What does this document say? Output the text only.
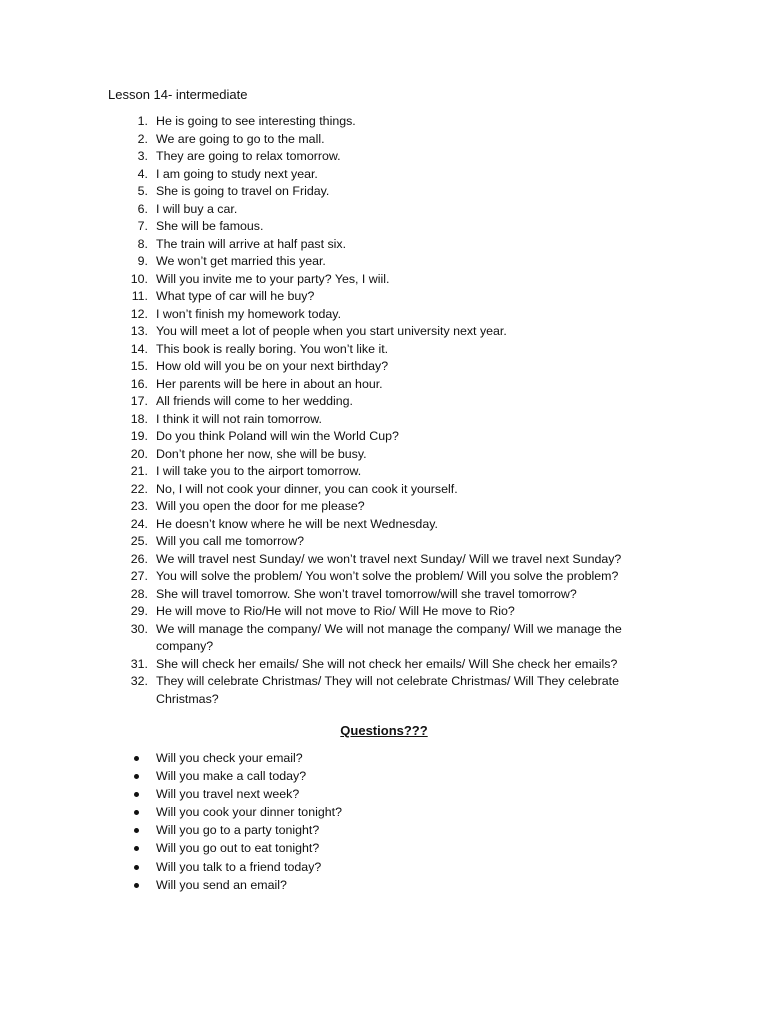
Lesson 14- intermediate
1. He is going to see interesting things.
2. We are going to go to the mall.
3. They are going to relax tomorrow.
4. I am going to study next year.
5. She is going to travel on Friday.
6. I will buy a car.
7. She will be famous.
8. The train will arrive at half past six.
9. We won’t get married this year.
10. Will you invite me to your party? Yes, I wiil.
11. What type of car will he buy?
12. I won’t finish my homework today.
13. You will meet a lot of people when you start university next year.
14. This book is really boring. You won’t like it.
15. How old will you be on your next birthday?
16. Her parents will be here in about an hour.
17. All friends will come to her wedding.
18. I think it will not rain tomorrow.
19. Do you think Poland will win the World Cup?
20. Don’t phone her now, she will be busy.
21. I will take you to the airport tomorrow.
22. No, I will not cook your dinner, you can cook it yourself.
23. Will you open the door for me please?
24. He doesn’t know where he will be next Wednesday.
25. Will you call me tomorrow?
26. We will travel nest Sunday/ we won’t travel next Sunday/ Will we travel next Sunday?
27. You will solve the problem/ You won’t solve the problem/ Will you solve the problem?
28. She will travel tomorrow. She won’t travel tomorrow/will she travel tomorrow?
29. He will move to Rio/He will not move to Rio/ Will He move to Rio?
30. We will manage the company/ We will not manage the company/ Will we manage the company?
31. She will check her emails/ She will not check her emails/ Will She check her emails?
32. They will celebrate Christmas/ They will not celebrate Christmas/ Will They celebrate Christmas?
Questions???
Will you check your email?
Will you make a call today?
Will you travel next week?
Will you cook your dinner tonight?
Will you go to a party tonight?
Will you go out to eat tonight?
Will you talk to a friend today?
Will you send an email?
